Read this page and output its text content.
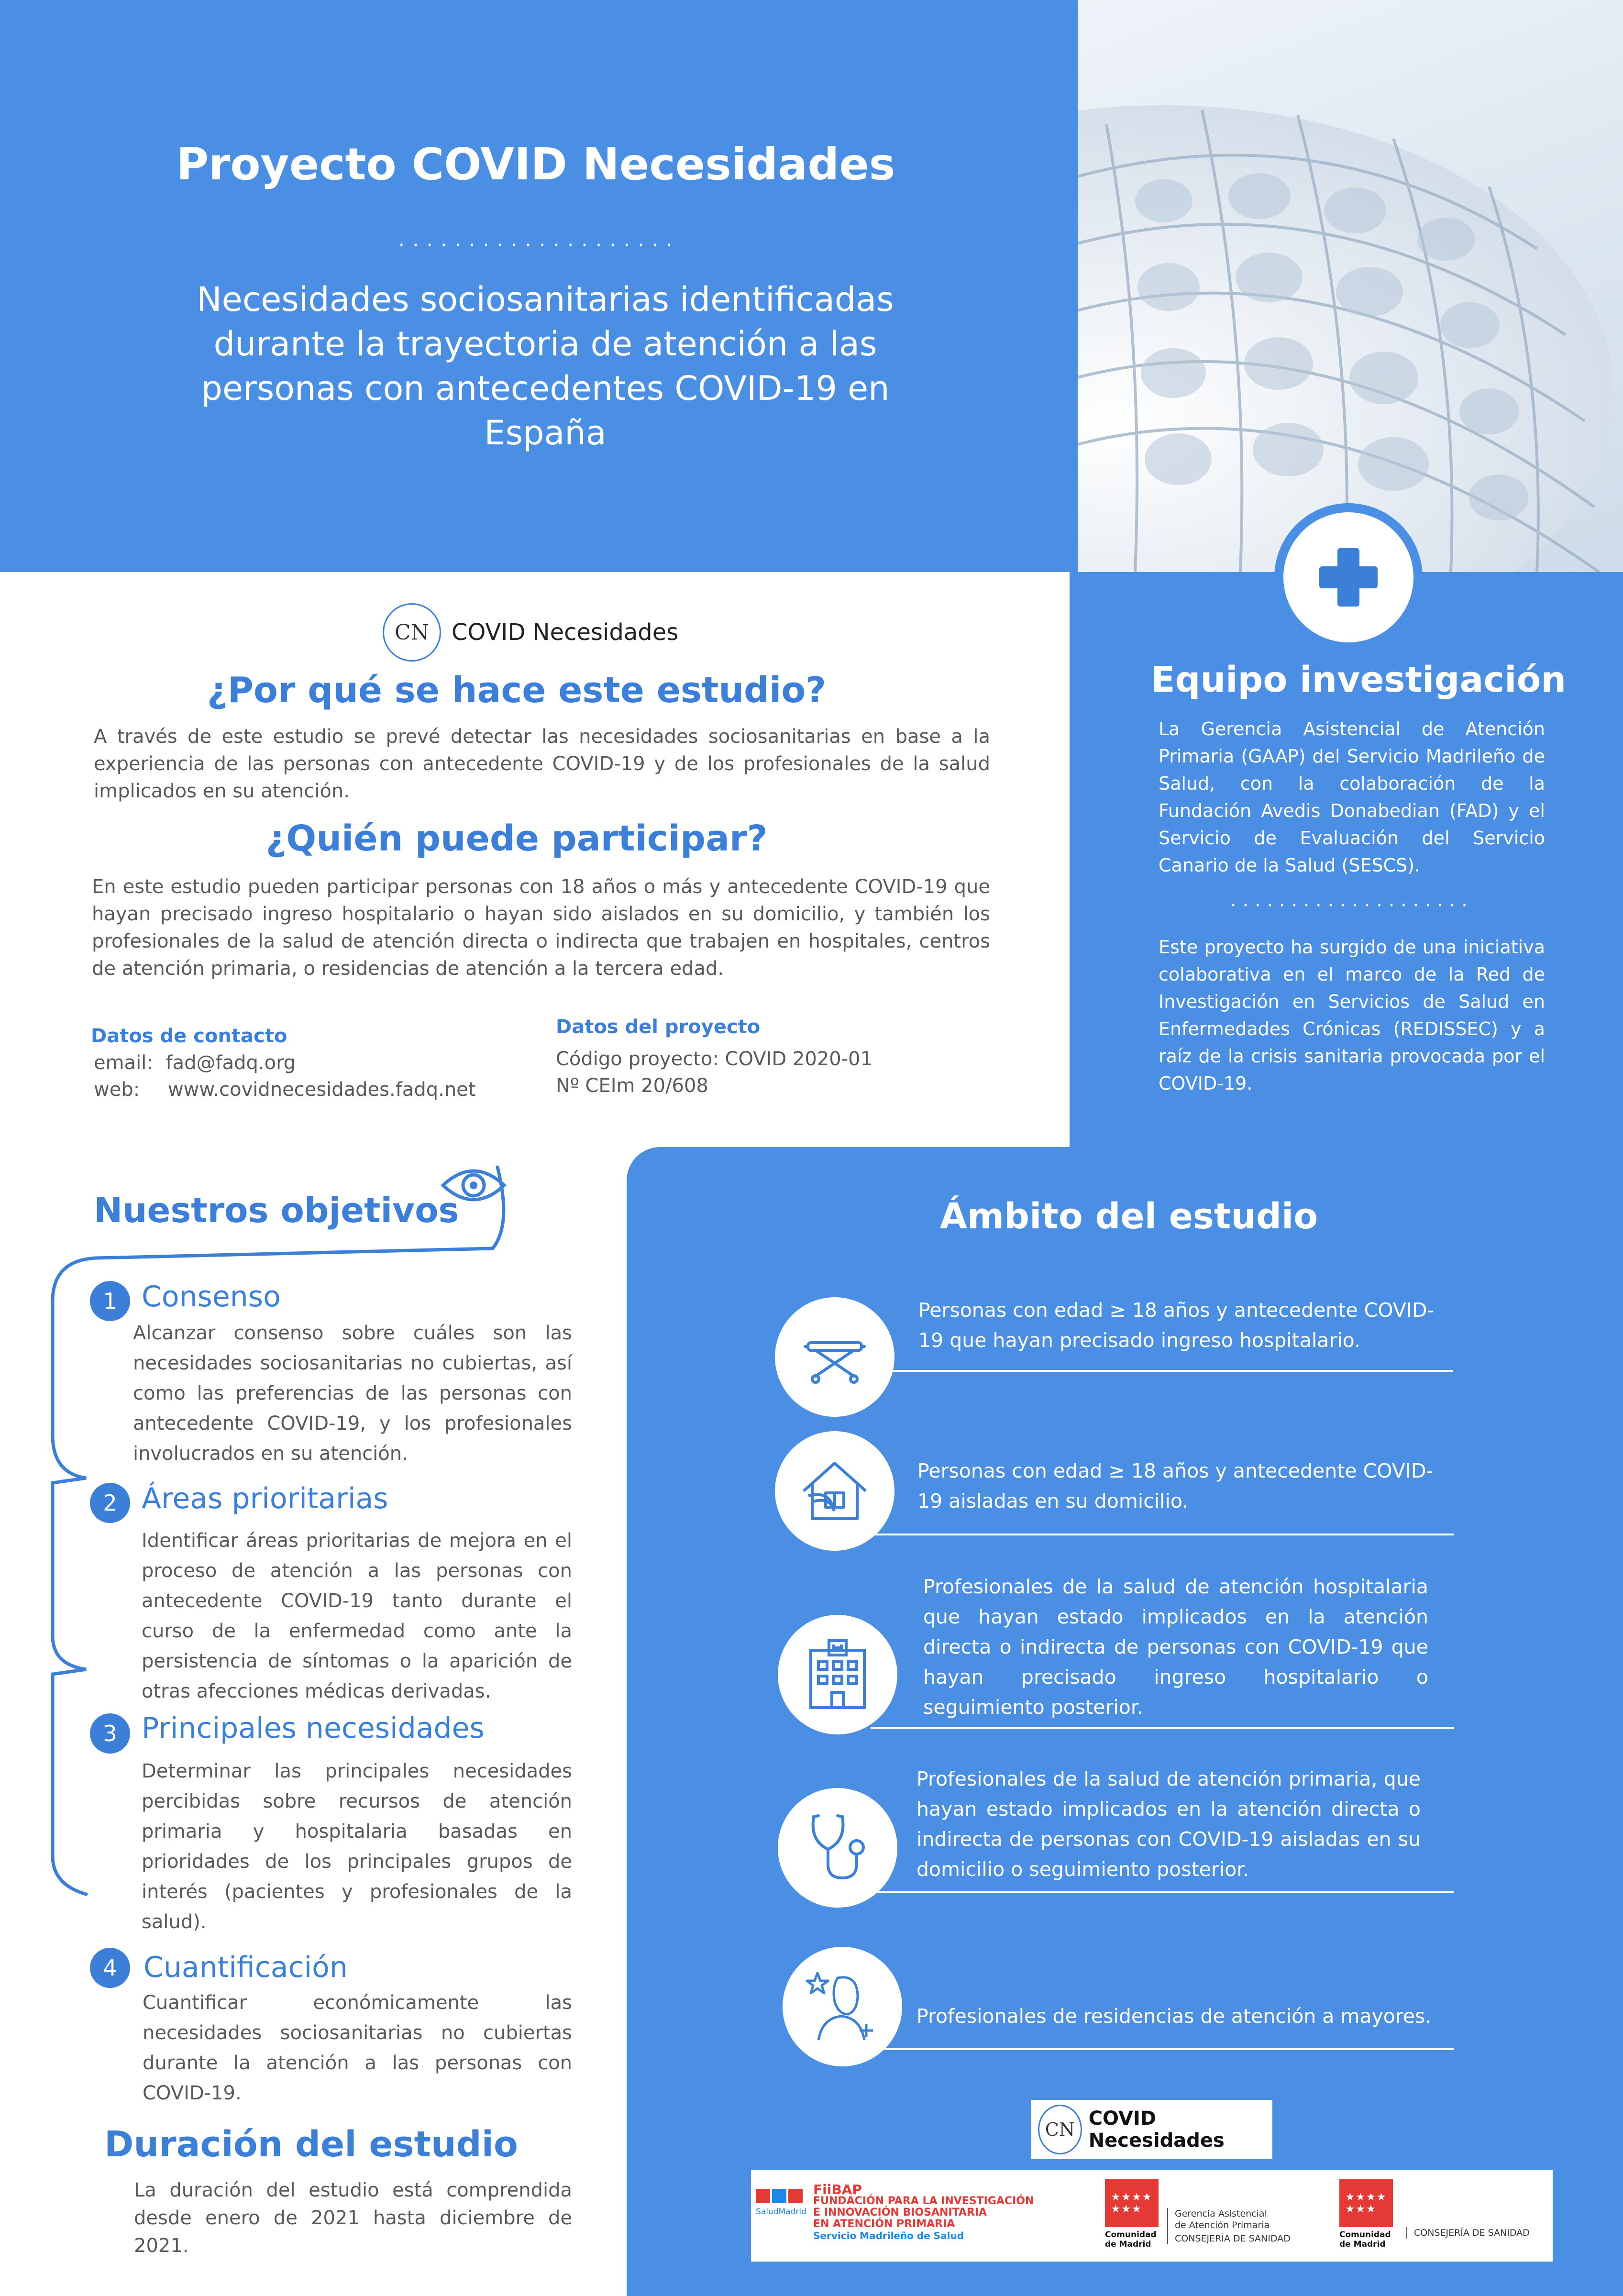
Proyecto COVID Necesidades
· · · · · · · · · · · · · · · · · · · ·
Necesidades sociosanitarias identificadas durante la trayectoria de atención a las personas con antecedentes COVID-19 en España
Equipo investigación
La Gerencia Asistencial de Atención Primaria (GAAP) del Servicio Madrileño de Salud, con la colaboración de la Fundación Avedis Donabedian (FAD) y el Servicio de Evaluación del Servicio Canario de la Salud (SESCS).
· · · · · · · · · · · · · · · · · · · ·
Este proyecto ha surgido de una iniciativa colaborativa en el marco de la Red de Investigación en Servicios de Salud en Enfermedades Crónicas (REDISSEC) y a raíz de la crisis sanitaria provocada por el COVID-19.
CN COVID Necesidades
¿Por qué se hace este estudio?
A través de este estudio se prevé detectar las necesidades sociosanitarias en base a la experiencia de las personas con antecedente COVID-19 y de los profesionales de la salud implicados en su atención.
¿Quién puede participar?
En este estudio pueden participar personas con 18 años o más y antecedente COVID-19 que hayan precisado ingreso hospitalario o hayan sido aislados en su domicilio, y también los profesionales de la salud de atención directa o indirecta que trabajen en hospitales, centros de atención primaria, o residencias de atención a la tercera edad.
Datos de contacto
email: fad@fadq.org
web: www.covidnecesidades.fadq.net
Datos del proyecto
Código proyecto: COVID 2020-01
Nº CEIm 20/608
Nuestros objetivos
1 Consenso
Alcanzar consenso sobre cuáles son las necesidades sociosanitarias no cubiertas, así como las preferencias de las personas con antecedente COVID-19, y los profesionales involucrados en su atención.
2 Áreas prioritarias
Identificar áreas prioritarias de mejora en el proceso de atención a las personas con antecedente COVID-19 tanto durante el curso de la enfermedad como ante la persistencia de síntomas o la aparición de otras afecciones médicas derivadas.
3 Principales necesidades
Determinar las principales necesidades percibidas sobre recursos de atención primaria y hospitalaria basadas en prioridades de los principales grupos de interés (pacientes y profesionales de la salud).
4 Cuantificación
Cuantificar económicamente las necesidades sociosanitarias no cubiertas durante la atención a las personas con COVID-19.
Duración del estudio
La duración del estudio está comprendida desde enero de 2021 hasta diciembre de 2021.
Ámbito del estudio
Personas con edad ≥ 18 años y antecedente COVID-19 que hayan precisado ingreso hospitalario.
Personas con edad ≥ 18 años y antecedente COVID-19 aisladas en su domicilio.
Profesionales de la salud de atención hospitalaria que hayan estado implicados en la atención directa o indirecta de personas con COVID-19 que hayan precisado ingreso hospitalario o seguimiento posterior.
Profesionales de la salud de atención primaria, que hayan estado implicados en la atención directa o indirecta de personas con COVID-19 aisladas en su domicilio o seguimiento posterior.
Profesionales de residencias de atención a mayores.
CN COVID Necesidades
SaludMadrid
FiiBAP
FUNDACIÓN PARA LA INVESTIGACIÓN
E INNOVACIÓN BIOSANITARIA
EN ATENCIÓN PRIMARIA
Servicio Madrileño de Salud
★★★★
★★★
Comunidad de Madrid
Gerencia Asistencial
de Atención Primaria
CONSEJERÍA DE SANIDAD
★★★★
★★★
Comunidad de Madrid
CONSEJERÍA DE SANIDAD
